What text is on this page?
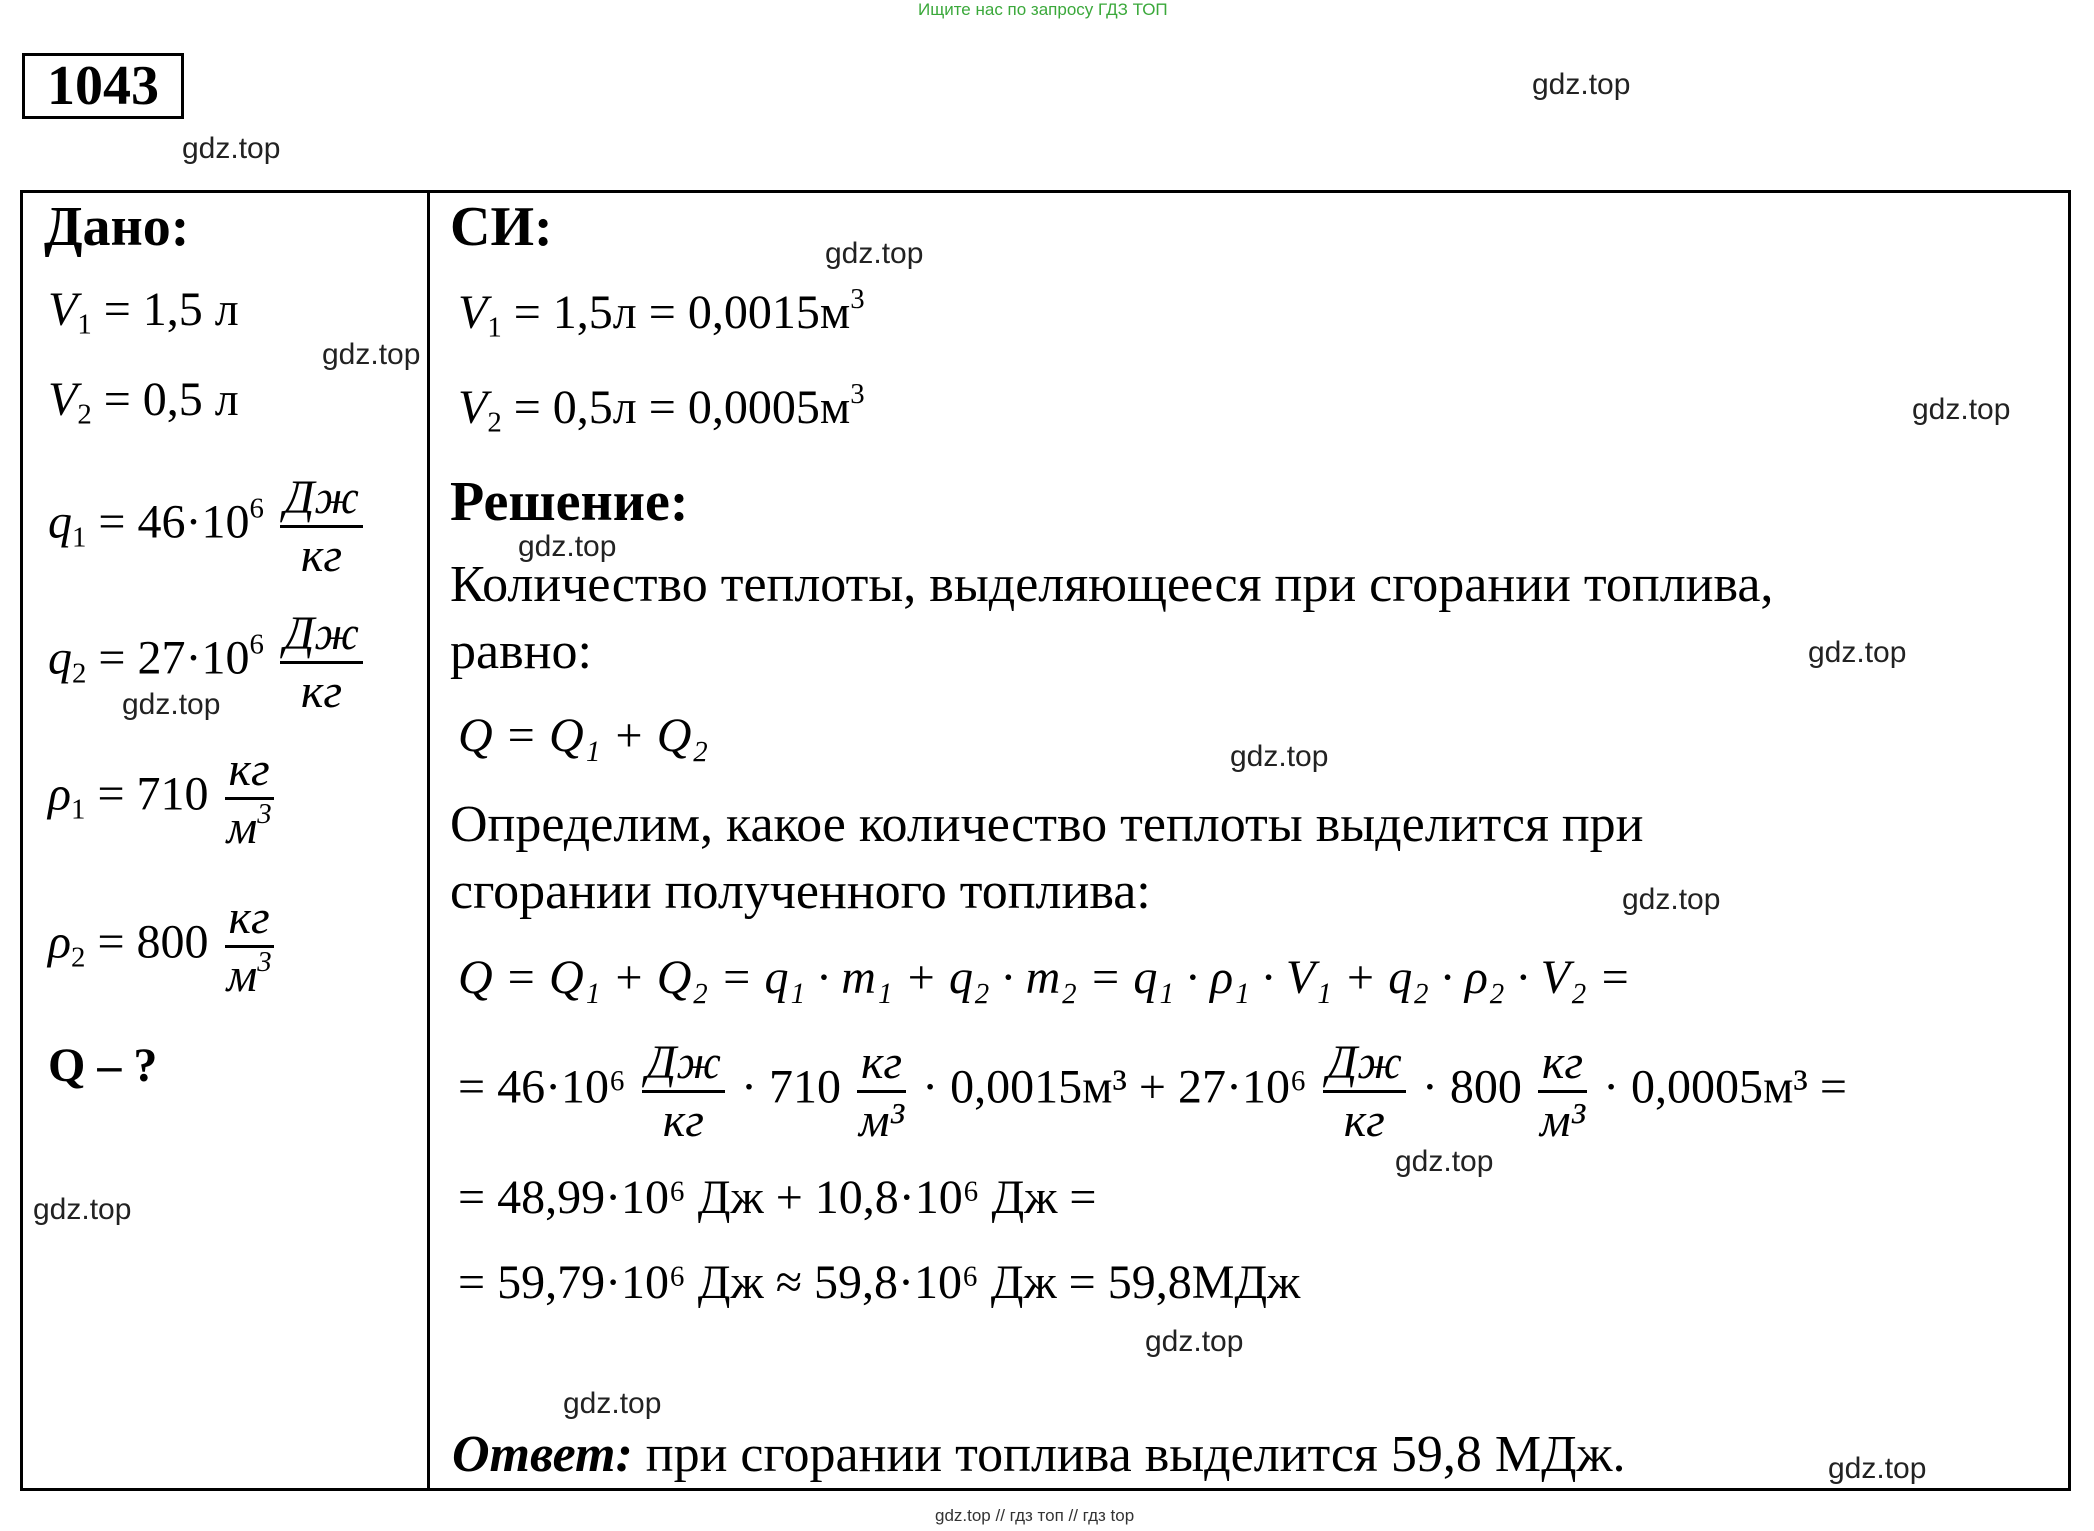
Ищите нас по запросу ГДЗ ТОП
1043
Дано:
$V_1 = 1,5$ л
$V_2 = 0,5$ л
$q_1 = 46\cdot 10^6 \frac{Дж}{кг}$
$q_2 = 27\cdot 10^6 \frac{Дж}{кг}$
$\rho_1 = 710 \frac{кг}{м^3}$
$\rho_2 = 800 \frac{кг}{м^3}$
Q – ?
СИ:
$V_1 = 1,5л = 0,0015м^3$
$V_2 = 0,5л = 0,0005м^3$
Решение:
Количество теплоты, выделяющееся при сгорании топлива,
равно:
Q = Q₁ + Q₂
Определим, какое количество теплоты выделится при
сгорании полученного топлива:
Q = Q₁ + Q₂ = q₁ · m₁ + q₂ · m₂ = q₁ · ρ₁ · V₁ + q₂ · ρ₂ · V₂ =
= $46\cdot 10^6 \frac{Дж}{кг} \cdot 710 \frac{кг}{\text{м³}} \cdot 0,0015м^3 + 27\cdot 10^6 \frac{Дж}{кг} \cdot 800 \frac{кг}{\text{м³}} \cdot 0,0005м^3$ =
= 48,99·10⁶ Дж + 10,8·10⁶ Дж =
= 59,79·10⁶ Дж ≈ 59,8·10⁶ Дж = 59,8МДж
Ответ: при сгорании топлива выделится 59,8 МДж.
gdz.top
gdz.top
gdz.top
gdz.top
gdz.top
gdz.top
gdz.top
gdz.top
gdz.top
gdz.top
gdz.top
gdz.top
gdz.top
gdz.top
gdz.top
gdz.top // гдз топ // гдз top
